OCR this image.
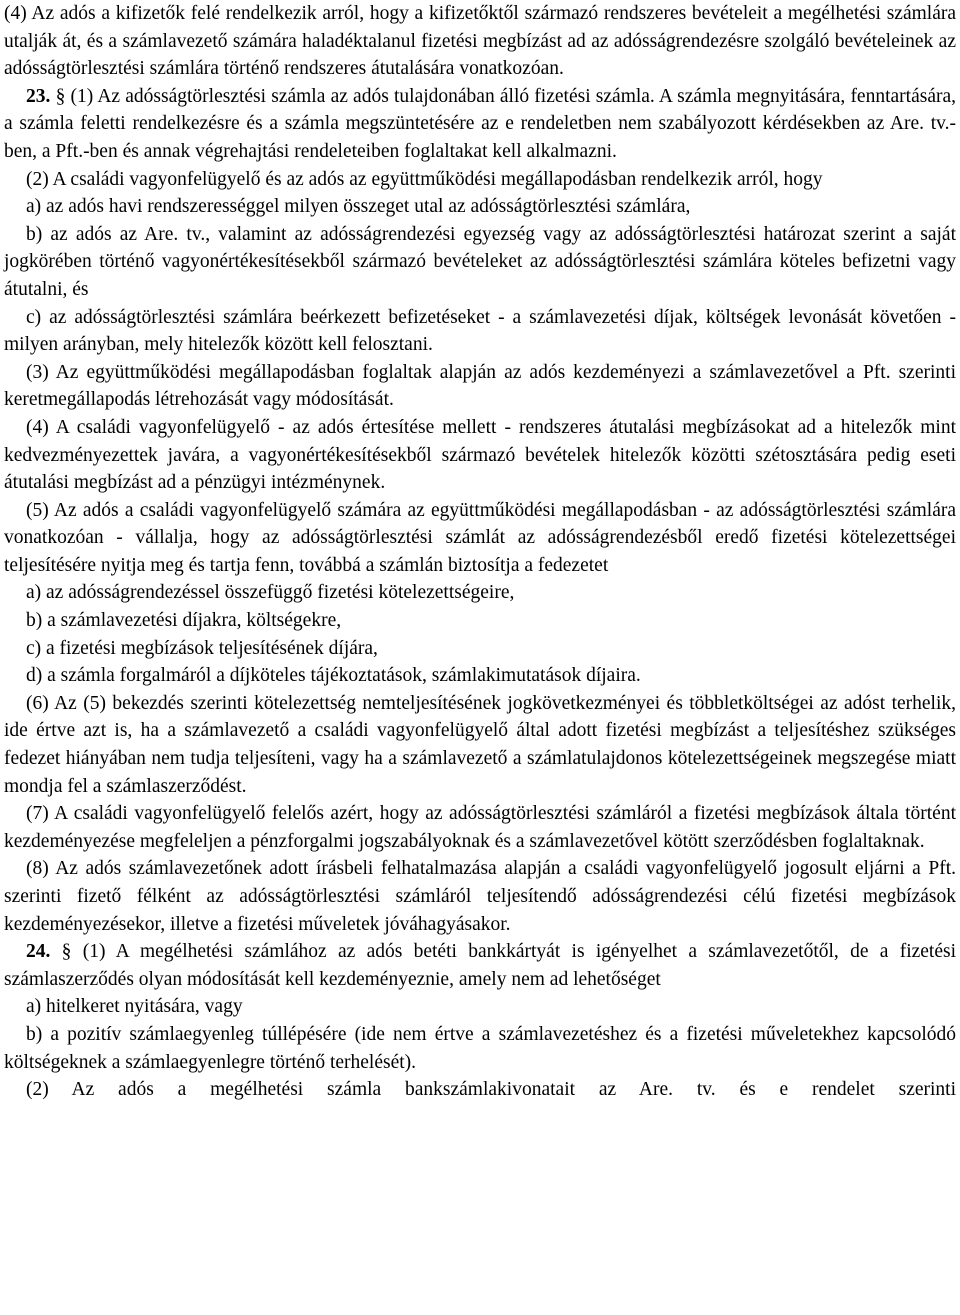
(4) Az adós a kifizetők felé rendelkezik arról, hogy a kifizetőktől származó rendszeres bevételeit a megélhetési számlára utalják át, és a számlavezető számára haladéktalanul fizetési megbízást ad az adósságrendezésre szolgáló bevételeinek az adósságtörlesztési számlára történő rendszeres átutalására vonatkozóan.

23. § (1) Az adósságtörlesztési számla az adós tulajdonában álló fizetési számla. A számla megnyitására, fenntartására, a számla feletti rendelkezésre és a számla megszüntetésére az e rendeletben nem szabályozott kérdésekben az Are. tv.-ben, a Pft.-ben és annak végrehajtási rendeleteiben foglaltakat kell alkalmazni.

(2) A családi vagyonfelügyelő és az adós az együttműködési megállapodásban rendelkezik arról, hogy

a) az adós havi rendszerességgel milyen összeget utal az adósságtörlesztési számlára,

b) az adós az Are. tv., valamint az adósságrendezési egyezség vagy az adósságtörlesztési határozat szerint a saját jogkörében történő vagyonértékesítésekből származó bevételeket az adósságtörlesztési számlára köteles befizetni vagy átutalni, és

c) az adósságtörlesztési számlára beérkezett befizetéseket - a számlavezetési díjak, költségek levonását követően - milyen arányban, mely hitelezők között kell felosztani.

(3) Az együttműködési megállapodásban foglaltak alapján az adós kezdeményezi a számlavezetővel a Pft. szerinti keretmegállapodás létrehozását vagy módosítását.

(4) A családi vagyonfelügyelő - az adós értesítése mellett - rendszeres átutalási megbízásokat ad a hitelezők mint kedvezményezettek javára, a vagyonértékesítésekből származó bevételek hitelezők közötti szétosztására pedig eseti átutalási megbízást ad a pénzügyi intézménynek.

(5) Az adós a családi vagyonfelügyelő számára az együttműködési megállapodásban - az adósságtörlesztési számlára vonatkozóan - vállalja, hogy az adósságtörlesztési számlát az adósságrendezésből eredő fizetési kötelezettségei teljesítésére nyitja meg és tartja fenn, továbbá a számlán biztosítja a fedezetet

a) az adósságrendezéssel összefüggő fizetési kötelezettségeire,

b) a számlavezetési díjakra, költségekre,

c) a fizetési megbízások teljesítésének díjára,

d) a számla forgalmáról a díjköteles tájékoztatások, számlakimutatások díjaira.

(6) Az (5) bekezdés szerinti kötelezettség nemteljesítésének jogkövetkezményei és többletköltségei az adóst terhelik, ide értve azt is, ha a számlavezető a családi vagyonfelügyelő által adott fizetési megbízást a teljesítéshez szükséges fedezet hiányában nem tudja teljesíteni, vagy ha a számlavezető a számlatulajdonos kötelezettségeinek megszegése miatt mondja fel a számlaszerződést.

(7) A családi vagyonfelügyelő felelős azért, hogy az adósságtörlesztési számláról a fizetési megbízások általa történt kezdeményezése megfeleljen a pénzforgalmi jogszabályoknak és a számlavezetővel kötött szerződésben foglaltaknak.

(8) Az adós számlavezetőnek adott írásbeli felhatalmazása alapján a családi vagyonfelügyelő jogosult eljárni a Pft. szerinti fizető félként az adósságtörlesztési számláról teljesítendő adósságrendezési célú fizetési megbízások kezdeményezésekor, illetve a fizetési műveletek jóváhagyásakor.

24. § (1) A megélhetési számlához az adós betéti bankkártyát is igényelhet a számlavezetőtől, de a fizetési számlaszerződés olyan módosítását kell kezdeményeznie, amely nem ad lehetőséget

a) hitelkeret nyitására, vagy

b) a pozitív számlaegyenleg túllépésére (ide nem értve a számlavezetéshez és a fizetési műveletekhez kapcsolódó költségeknek a számlaegyenlegre történő terhelését).

(2) Az adós a megélhetési számla bankszámlakivonatait az Are. tv. és e rendelet szerinti
